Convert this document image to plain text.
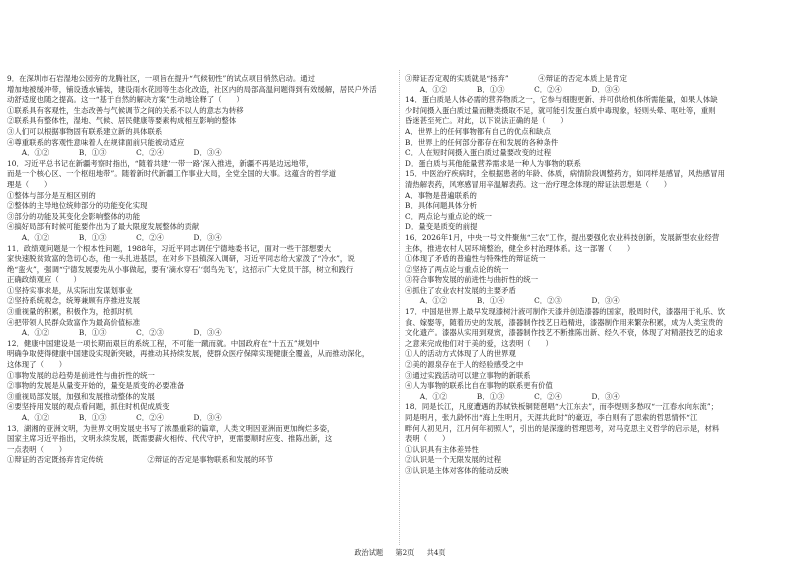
9．在深圳市石岩湿地公园旁的龙腾社区，一项旨在提升“气候韧性”的试点项目悄然启动。通过
增加地被缓冲带，铺设透水铺装，建设雨水花园等生态化改造，社区内的局部高温问题得到有效缓解，居民户外活
动舒适度也随之提高。这一“基于自然的解决方案”生动地诠释了（　　）
①联系具有客观性，生态改善与气候调节之间的关系不以人的意志为转移
②联系具有整体性，湿地、气候、居民健康等要素构成相互影响的整体
③人们可以根据事物固有联系建立新的具体联系
④尊重联系的客观性意味着人在规律面前只能被动适应
　　A．①②　　　　B．①③　　　　C．②④　　　　D．③④
10．习近平总书记在新疆考察时指出，“随着共建‘一带一路’深入推进，新疆不再是边远地带，
而是一个核心区、一个枢纽地带”。随着新时代新疆工作事业大局，全党全国的大事。这蕴含的哲学道
理是（　　）
①整体与部分是互相区别的
②整体的主导地位统帅部分的功能变化实现
③部分的功能及其变化会影响整体的功能
④搞好局部有时候可能要作出为了最大限度发展整体的贡献
　　A．①②　　　　B．①③　　　　C．②④　　　　D．③④
11．政绩观问题是一个根本性问题，1988年，习近平同志调任宁德地委书记，面对一些干部想要大
家快速脱贫致富的急切心态，他一头扎进基层，在对乡下县镇深入调研，习近平同志给大家泼了“冷水”，说
绝“蛮火”，强调“宁德发展要先从小事做起，要有‘滴水穿石’‘弱鸟先飞’，这招示广大党员干部，树立和践行
正确政绩观应（　　）
①坚持实事求是，从实际出发谋划事业
②坚持系统观念，统筹兼顾有序推进发展
③重视量的积累，积极作为，抢抓时机
④把带领人民群众致富作为最高价值标准
　　A．①②　　　　B．①③　　　　C．②③　　　　D．③④
12．健康中国建设是一项长期而艰巨的系统工程，不可能一蹴而就。中国政府在“十五五”规划中
明确争取使得健康中国建设实现新突破，再推动其持续发展，使群众医疗保障实现健康全覆盖，从而推动深化，
这体现了（　　）
①事物发展的总趋势是前进性与曲折性的统一
②事物的发展是从量变开始的，量变是质变的必要准备
③重视局部发展，加强和发展推动整体的发展
④要坚持用发展的观点看问题，抓住时机促成质变
　　A．①②　　　　B．①③　　　　C．②④　　　　D．③④
13．湖湘的亚洲文明，为世界文明发展史书写了浓墨重彩的篇章，人类文明因亚洲而更加绚烂多姿，
国家主席习近平指出，文明永续发展，既需要薪火相传、代代守护，更需要顺时应变、推陈出新，这
一点表明（　　）
①辩证的否定既扬弃肯定传统　　　　　　②辩证的否定是事物联系和发展的环节
③辩证否定观的实质就是“扬弃”　　　　④辩证的否定本质上是肯定
　　A．①②　　　　B．①③　　　　C．②④　　　　D．③④
14．蛋白质是人体必需的营养物质之一，它参与细胞更新、并可供给机体所需能量，如果人体缺
少时间摄入蛋白质过量而糖类摄取不足，就可能引发蛋白质中毒现象，轻则头晕、呕吐等，重则
昏迷甚至死亡。对此，以下说法正确的是（　　）
A．世界上的任何事物都有自己的优点和缺点
B．世界上的任何部分都存在和发展的各种条件
C．人在短时间摄入蛋白质过量要改变的过程
D．蛋白质与其他能量营养需求是一种人为事物的联系
15．中医治疗疾病时，全根据患者的年龄、体质，病情阶段调整药方，如同样是感冒，风热感冒用
清热解表药，风寒感冒用辛温解表药。这一治疗理念体现的辩证法思想是（　　）
A．事物是普遍联系的
B．具体问题具体分析
C．两点论与重点论的统一
D．量变是质变的前提
16．2026年1月，中央一号文件聚焦“三农”工作，提出要强化农业科技创新，发展新型农业经营
主体，推进农村人居环境整治，健全乡村治理体系。这一部署（　　）
①体现了矛盾的普遍性与特殊性的辩证统一
②坚持了两点论与重点论的统一
③符合事物发展的前进性与曲折性的统一
④抓住了农业农村发展的主要矛盾
　　A．①②　　　　B．①④　　　　C．②③　　　　D．③④
17．中国是世界上最早发现漆树汁液可制作天漆并创造漆器的国家，殷周时代，漆器用于礼乐、饮
食、嫁娶等，随着历史的发展，漆器制作技艺日趋精进，漆器制作用来繁杂积累，成为人类宝贵的
文化遗产。漆器从实用到观赏，漆器制作技艺不断推陈出新、经久不衰，体现了对精湛技艺的追求
之意来完成他们对于美的爱，这表明（　　）
①人的活动方式体现了人的世界观
②美的源泉存在于人的经验感受之中
③通过实践活动可以建立事物的新联系
④人为事物的联系比自在事物的联系更有价值
　　A．①②　　　　B．①③　　　　C．②④　　　　D．③④
18．同是长江，凡度遭遇的苏轼铁板铜琵琶唱“大江东去”，而李煜则多愁叹“一江春水向东流”；
同是明月，张九龄怀出“海上生明月，天涯共此时”的豪迈，李白则有了思索的哲思情怀“江
畔何人初见月，江月何年初照人”，引出的是深邃的哲理思考，对马克思主义哲学的启示是，材料
表明（　　）
①认识具有主体差异性
②认识是一个无限发展的过程
③认识是主体对客体的能动反映
政治试题 第2页 共4页
